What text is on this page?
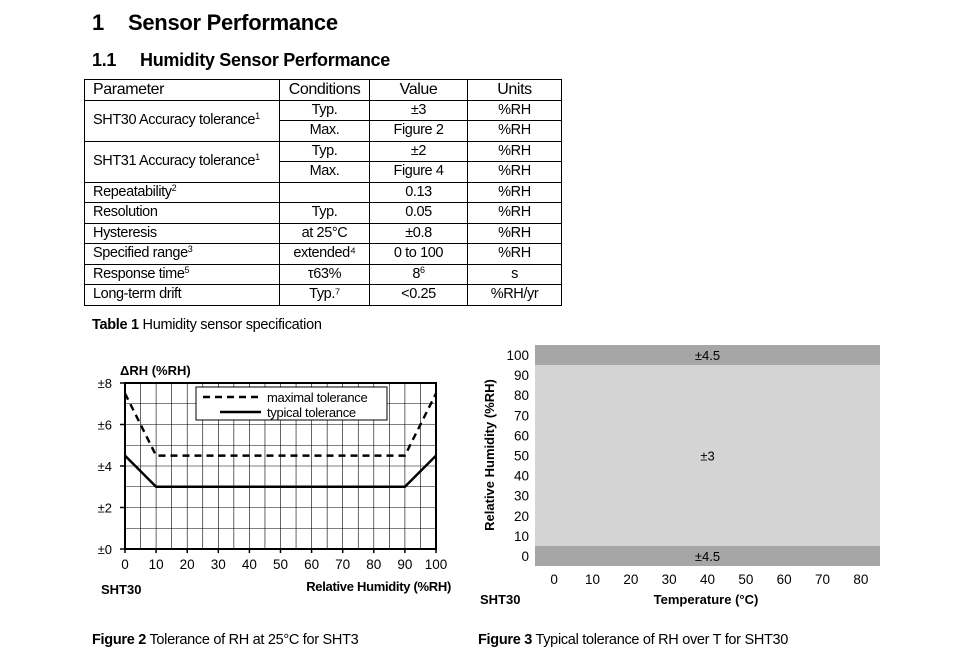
1 Sensor Performance
1.1 Humidity Sensor Performance
Parameter	Conditions	Value	Units
SHT30 Accuracy tolerance$^1$	Typ.	±3	%RH
	Max.	Figure 2	%RH
SHT31 Accuracy tolerance$^1$	Typ.	±2	%RH
	Max.	Figure 4	%RH
Repeatability$^2$		0.13	%RH
Resolution	Typ.	0.05	%RH
Hysteresis	at 25°C	±0.8	%RH
Specified range$^3$	extended⁴	0 to 100	%RH
Response time$^5$	τ63%	$8^6$	s
Long-term drift	Typ.⁷	<0.25	%RH/yr
Table 1 Humidity sensor specification
±0
±2
±4
±6
±8
0 10 20 30 40 50 60 70 80 90 100
maximal tolerance
typical tolerance
ΔRH (%RH)
Relative Humidity (%RH)
SHT30
±4.5
±3
±4.5
0
10
20
30
40
50
60
70
80
90
100
0 10 20 30 40 50 60 70 80
Relative Humidity (%RH)
Temperature (°C)
SHT30
Figure 2 Tolerance of RH at 25°C for SHT3	Figure 3 Typical tolerance of RH over T for SHT30
